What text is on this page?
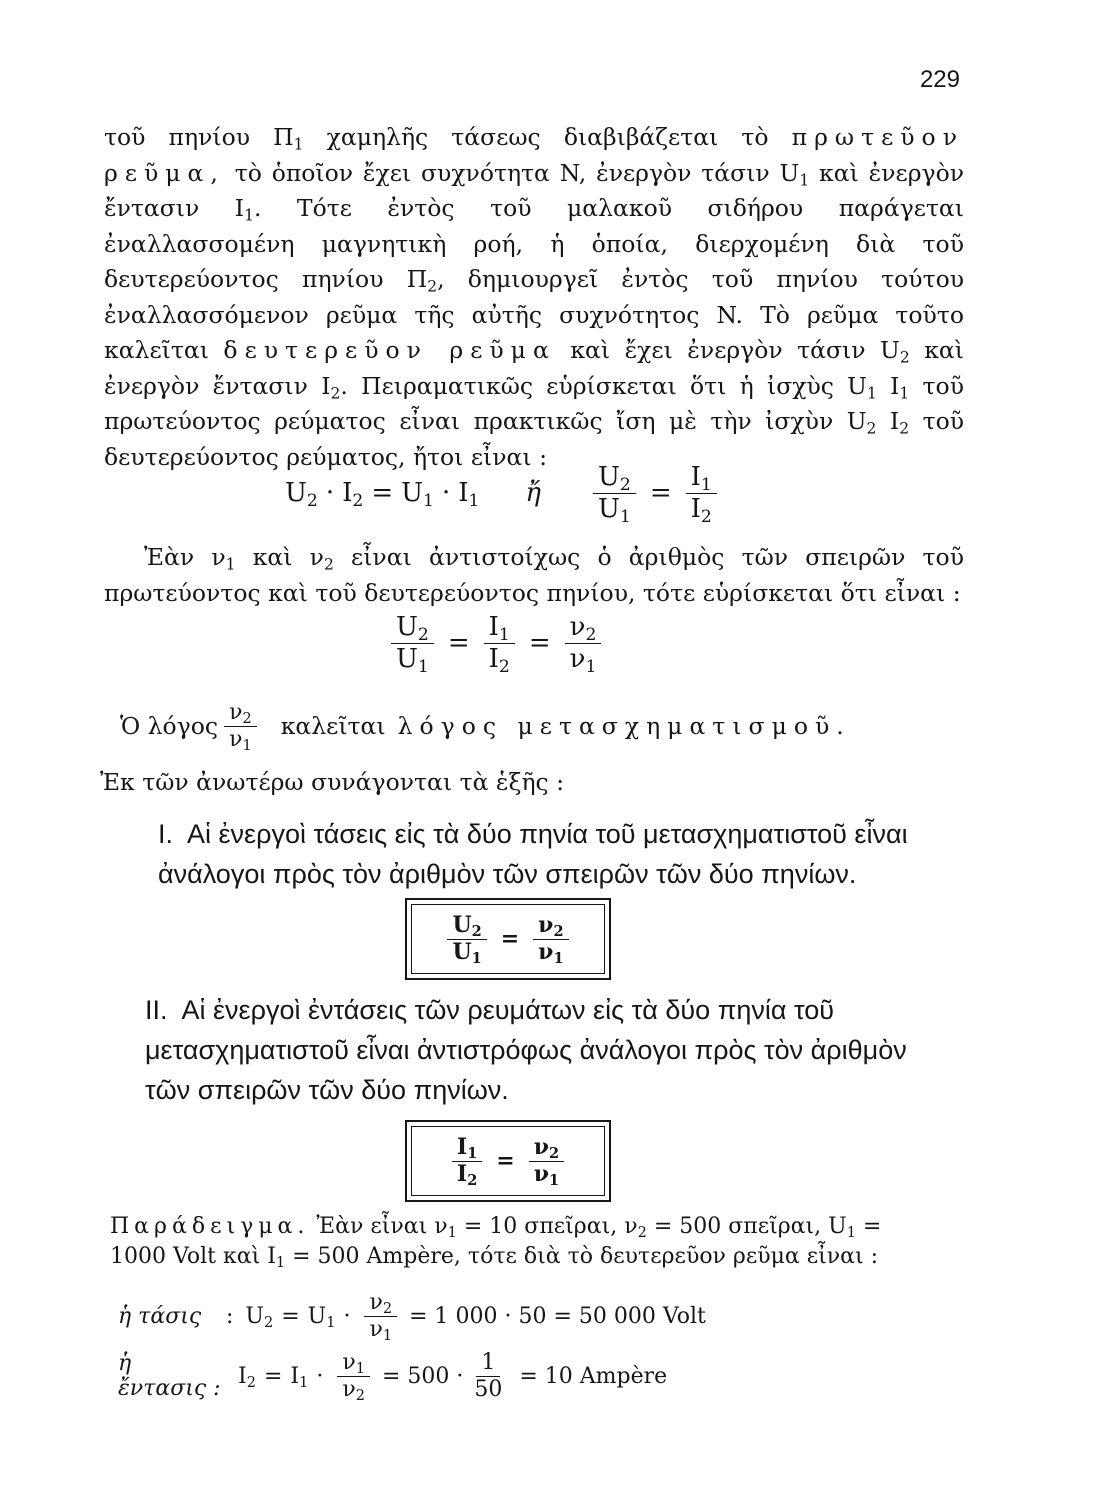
229

τοῦ πηνίου $\Pi_1$ χαμηλῆς τάσεως διαβιβάζεται τὸ πρωτεῦον ρεῦμα, τὸ ὁποῖον ἔχει συχνότητα N, ἐνεργὸν τάσιν $U_1$ καὶ ἐνεργὸν ἔντασιν $I_1$. Τότε ἐντὸς τοῦ μαλακοῦ σιδήρου παράγεται ἐναλλασσομένη μαγνητικὴ ροή, ἡ ὁποία, διερχομένη διὰ τοῦ δευτερεύοντος πηνίου $\Pi_2$, δημιουργεῖ ἐντὸς τοῦ πηνίου τούτου ἐναλλασσόμενον ρεῦμα τῆς αὐτῆς συχνότητος N. Τὸ ρεῦμα τοῦτο καλεῖται δευτερεῦον ρεῦμα καὶ ἔχει ἐνεργὸν τάσιν $U_2$ καὶ ἐνεργὸν ἔντασιν $I_2$. Πειραματικῶς εὑρίσκεται ὅτι ἡ ἰσχὺς $U_1$ $I_1$ τοῦ πρωτεύοντος ρεύματος εἶναι πρακτικῶς ἴση μὲ τὴν ἰσχὺν $U_2$ $I_2$ τοῦ δευτερεύοντος ρεύματος, ἤτοι εἶναι :

$U_2 \cdot I_2 = U_1 \cdot I_1$ ἤ $\frac{U_2}{U_1} = \frac{I_1}{I_2}$

Ἐὰν $\nu_1$ καὶ $\nu_2$ εἶναι ἀντιστοίχως ὁ ἀριθμὸς τῶν σπειρῶν τοῦ πρωτεύοντος καὶ τοῦ δευτερεύοντος πηνίου, τότε εὑρίσκεται ὅτι εἶναι :

$\frac{U_2}{U_1} = \frac{I_1}{I_2} = \frac{\nu_2}{\nu_1}$
Ὁ λόγος $\frac{\nu_2}{\nu_1}$ καλεῖται λόγος μετασχηματισμοῦ.

Ἐκ τῶν ἀνωτέρω συνάγονται τὰ ἑξῆς :

I. Αἱ ἐνεργοὶ τάσεις εἰς τὰ δύο πηνία τοῦ μετασχηματιστοῦ εἶναι ἀνάλογοι πρὸς τὸν ἀριθμὸν τῶν σπειρῶν τῶν δύο πηνίων.

$\frac{U_2}{U_1} = \frac{\nu_2}{\nu_1}$

II. Αἱ ἐνεργοὶ ἐντάσεις τῶν ρευμάτων εἰς τὰ δύο πηνία τοῦ μετασχηματιστοῦ εἶναι ἀντιστρόφως ἀνάλογοι πρὸς τὸν ἀριθμὸν τῶν σπειρῶν τῶν δύο πηνίων.

$\frac{I_1}{I_2} = \frac{\nu_2}{\nu_1}$

Παράδειγμα. Ἐὰν εἶναι $\nu_1 = 10$ σπεῖραι, $\nu_2 = 500$ σπεῖραι, $U_1 = 1000$ Volt καὶ $I_1 = 500$ Ampère, τότε διὰ τὸ δευτερεῦον ρεῦμα εἶναι :

ἡ τάσις	: $U_2 = U_1 \cdot \frac{\nu_2}{\nu_1} = 1$ 000 · 50 = 50 000 Volt
ἡ ἔντασις : $I_2 = I_1 \cdot \frac{\nu_1}{\nu_2} = 500 \cdot \frac{1}{50} = 10$ Ampère
